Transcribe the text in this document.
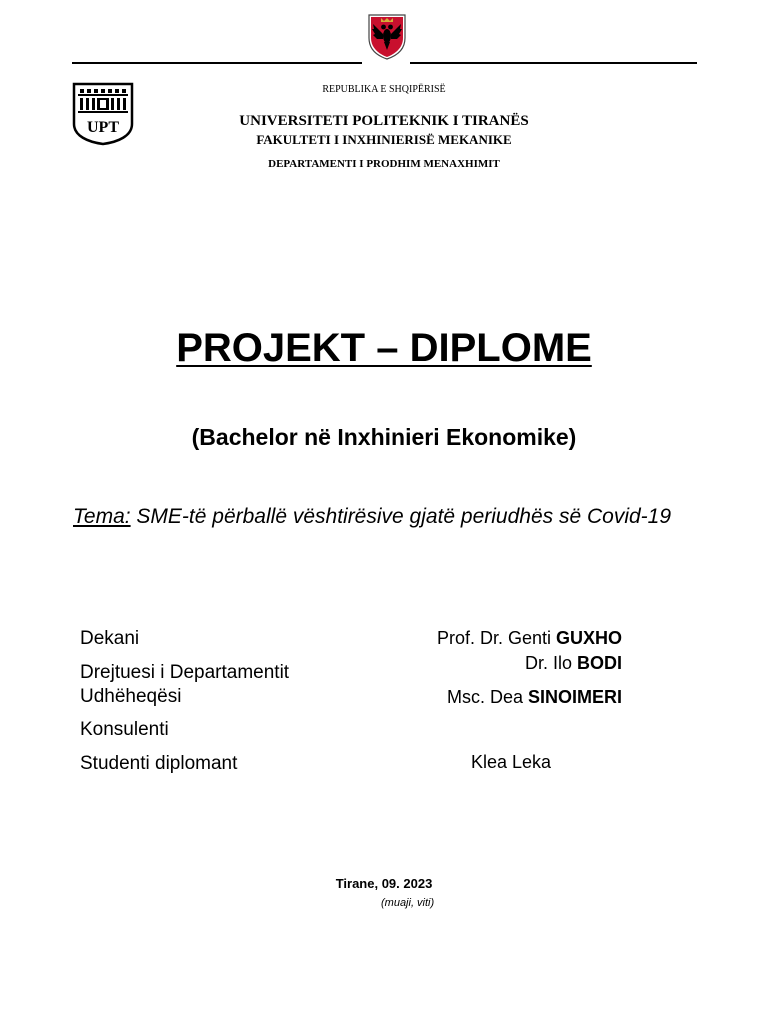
UPT
REPUBLIKA E SHQIPËRISË
UNIVERSITETI POLITEKNIK I TIRANËS
FAKULTETI I INXHINIERISË MEKANIKE
DEPARTAMENTI I PRODHIM MENAXHIMIT
PROJEKT – DIPLOME
(Bachelor në Inxhinieri Ekonomike)
Tema: SME-të përballë vështirësive gjatë periudhës së Covid-19
Dekani
Drejtuesi i Departamentit
Udhëheqësi
Konsulenti
Studenti diplomant
Prof. Dr. Genti GUXHO
Dr. Ilo BODI
Msc. Dea SINOIMERI
Klea Leka
Tirane, 09. 2023
(muaji, viti)
